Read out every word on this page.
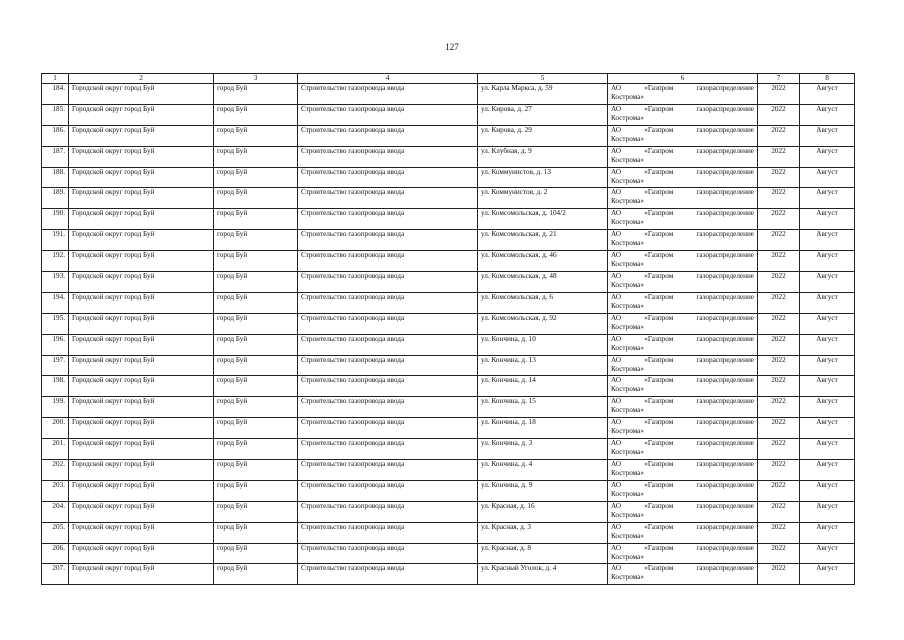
127
1	2	3	4	5	6	7	8
184.	Городской округ город Буй	город Буй	Строительство газопровода ввода	ул. Карла Маркса, д. 59	АО «Газпром газораспределение
Кострома»	2022	Август
185.	Городской округ город Буй	город Буй	Строительство газопровода ввода	ул. Кирова, д. 27	АО «Газпром газораспределение
Кострома»	2022	Август
186.	Городской округ город Буй	город Буй	Строительство газопровода ввода	ул. Кирова, д. 29	АО «Газпром газораспределение
Кострома»	2022	Август
187.	Городской округ город Буй	город Буй	Строительство газопровода ввода	ул. Клубная, д. 9	АО «Газпром газораспределение
Кострома»	2022	Август
188.	Городской округ город Буй	город Буй	Строительство газопровода ввода	ул. Коммунистов, д. 13	АО «Газпром газораспределение
Кострома»	2022	Август
189.	Городской округ город Буй	город Буй	Строительство газопровода ввода	ул. Коммунистов, д. 2	АО «Газпром газораспределение
Кострома»	2022	Август
190.	Городской округ город Буй	город Буй	Строительство газопровода ввода	ул. Комсомольская, д. 104/2	АО «Газпром газораспределение
Кострома»	2022	Август
191.	Городской округ город Буй	город Буй	Строительство газопровода ввода	ул. Комсомольская, д. 21	АО «Газпром газораспределение
Кострома»	2022	Август
192.	Городской округ город Буй	город Буй	Строительство газопровода ввода	ул. Комсомольская, д. 46	АО «Газпром газораспределение
Кострома»	2022	Август
193.	Городской округ город Буй	город Буй	Строительство газопровода ввода	ул. Комсомольская, д. 48	АО «Газпром газораспределение
Кострома»	2022	Август
194.	Городской округ город Буй	город Буй	Строительство газопровода ввода	ул. Комсомольская, д. 6	АО «Газпром газораспределение
Кострома»	2022	Август
195.	Городской округ город Буй	город Буй	Строительство газопровода ввода	ул. Комсомольская, д. 92	АО «Газпром газораспределение
Кострома»	2022	Август
196.	Городской округ город Буй	город Буй	Строительство газопровода ввода	ул. Кончина, д. 10	АО «Газпром газораспределение
Кострома»	2022	Август
197.	Городской округ город Буй	город Буй	Строительство газопровода ввода	ул. Кончина, д. 13	АО «Газпром газораспределение
Кострома»	2022	Август
198.	Городской округ город Буй	город Буй	Строительство газопровода ввода	ул. Кончина, д. 14	АО «Газпром газораспределение
Кострома»	2022	Август
199.	Городской округ город Буй	город Буй	Строительство газопровода ввода	ул. Кончина, д. 15	АО «Газпром газораспределение
Кострома»	2022	Август
200.	Городской округ город Буй	город Буй	Строительство газопровода ввода	ул. Кончина, д. 18	АО «Газпром газораспределение
Кострома»	2022	Август
201.	Городской округ город Буй	город Буй	Строительство газопровода ввода	ул. Кончина, д. 3	АО «Газпром газораспределение
Кострома»	2022	Август
202.	Городской округ город Буй	город Буй	Строительство газопровода ввода	ул. Кончина, д. 4	АО «Газпром газораспределение
Кострома»	2022	Август
203.	Городской округ город Буй	город Буй	Строительство газопровода ввода	ул. Кончина, д. 9	АО «Газпром газораспределение
Кострома»	2022	Август
204.	Городской округ город Буй	город Буй	Строительство газопровода ввода	ул. Красная, д. 16	АО «Газпром газораспределение
Кострома»	2022	Август
205.	Городской округ город Буй	город Буй	Строительство газопровода ввода	ул. Красная, д. 3	АО «Газпром газораспределение
Кострома»	2022	Август
206.	Городской округ город Буй	город Буй	Строительство газопровода ввода	ул. Красная, д. 8	АО «Газпром газораспределение
Кострома»	2022	Август
207.	Городской округ город Буй	город Буй	Строительство газопровода ввода	ул. Красный Уголок, д. 4	АО «Газпром газораспределение
Кострома»	2022	Август
